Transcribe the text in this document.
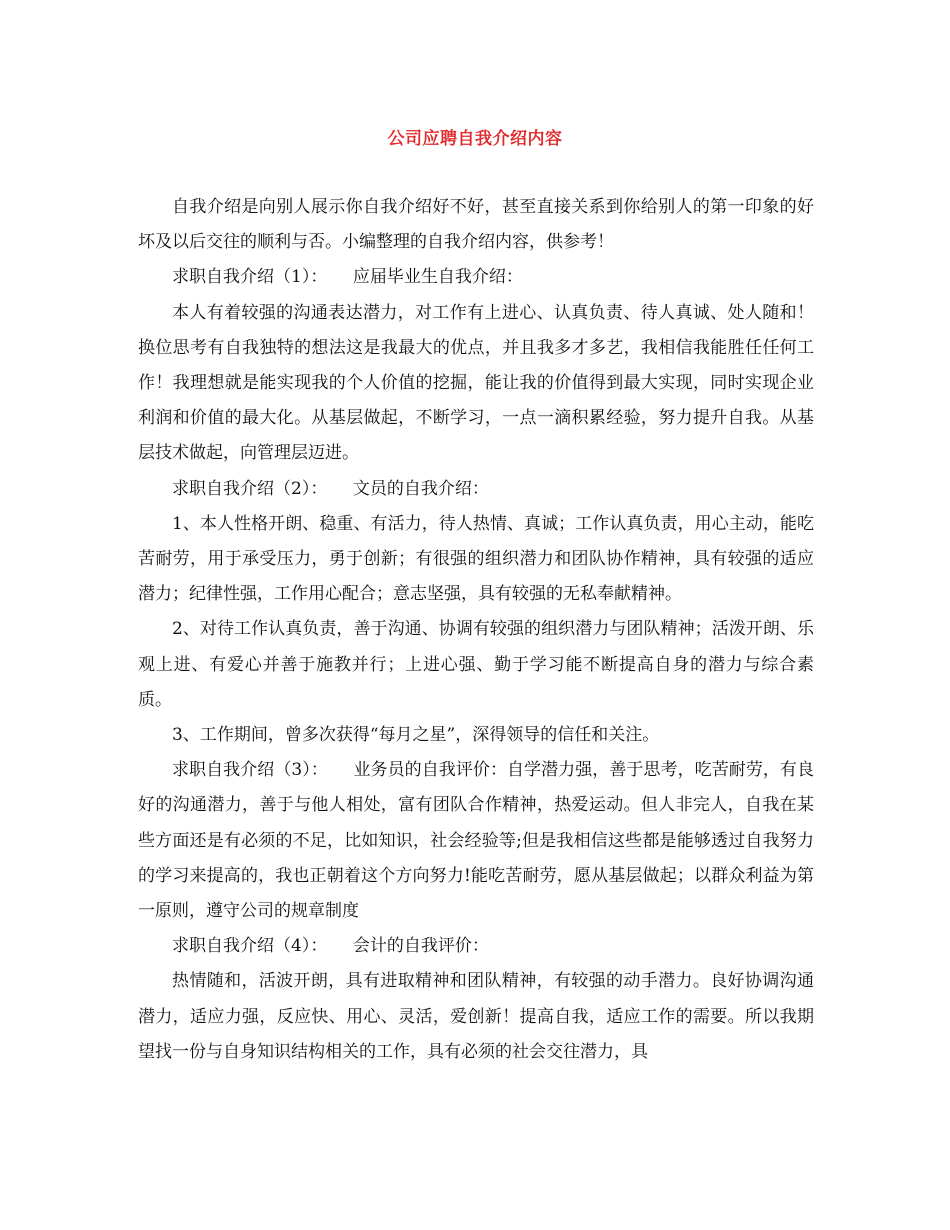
公司应聘自我介绍内容

自我介绍是向别人展示你自我介绍好不好，甚至直接关系到你给别人的第一印象的好坏及以后交往的顺利与否。小编整理的自我介绍内容，供参考！

求职自我介绍（1）：　　应届毕业生自我介绍：

本人有着较强的沟通表达潜力，对工作有上进心、认真负责、待人真诚、处人随和！换位思考有自我独特的想法这是我最大的优点，并且我多才多艺，我相信我能胜任任何工作！我理想就是能实现我的个人价值的挖掘，能让我的价值得到最大实现，同时实现企业利润和价值的最大化。从基层做起，不断学习，一点一滴积累经验，努力提升自我。从基层技术做起，向管理层迈进。

求职自我介绍（2）：　　文员的自我介绍：

1、本人性格开朗、稳重、有活力，待人热情、真诚；工作认真负责，用心主动，能吃苦耐劳，用于承受压力，勇于创新；有很强的组织潜力和团队协作精神，具有较强的适应潜力；纪律性强，工作用心配合；意志坚强，具有较强的无私奉献精神。

2、对待工作认真负责，善于沟通、协调有较强的组织潜力与团队精神；活泼开朗、乐观上进、有爱心并善于施教并行；上进心强、勤于学习能不断提高自身的潜力与综合素质。

3、工作期间，曾多次获得“每月之星”，深得领导的信任和关注。

求职自我介绍（3）：　　业务员的自我评价：自学潜力强，善于思考，吃苦耐劳，有良好的沟通潜力，善于与他人相处，富有团队合作精神，热爱运动。但人非完人，自我在某些方面还是有必须的不足，比如知识，社会经验等;但是我相信这些都是能够透过自我努力的学习来提高的，我也正朝着这个方向努力!能吃苦耐劳，愿从基层做起；以群众利益为第一原则，遵守公司的规章制度

求职自我介绍（4）：　　会计的自我评价：

热情随和，活波开朗，具有进取精神和团队精神，有较强的动手潜力。良好协调沟通潜力，适应力强，反应快、用心、灵活，爱创新！提高自我，适应工作的需要。所以我期望找一份与自身知识结构相关的工作，具有必须的社会交往潜力，具
